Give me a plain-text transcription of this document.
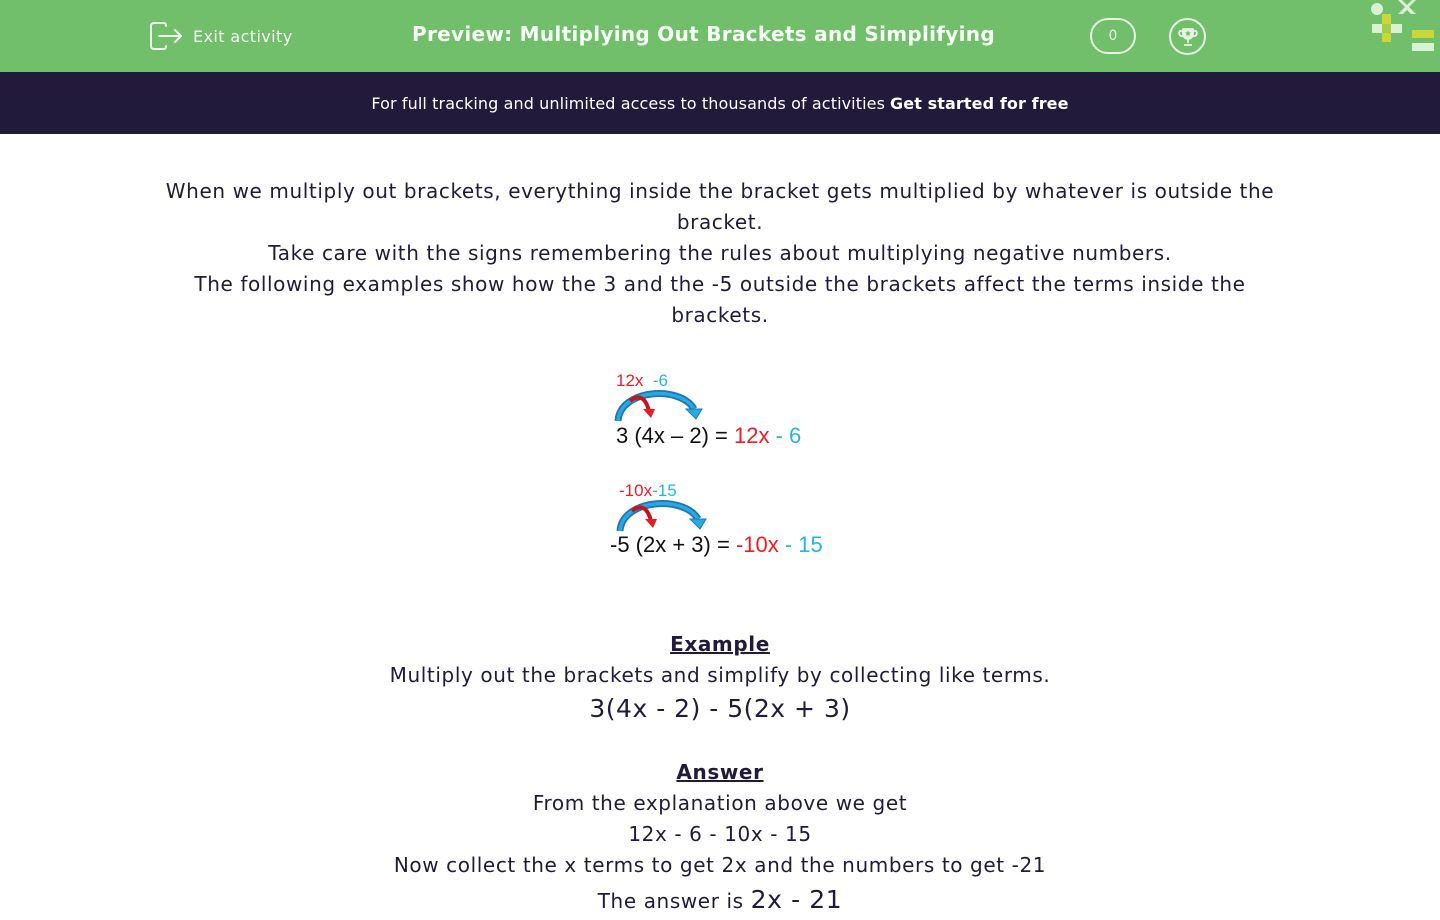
Exit activity	Preview: Multiplying Out Brackets and Simplifying	0
For full tracking and unlimited access to thousands of activities Get started for free

When we multiply out brackets, everything inside the bracket gets multiplied by whatever is outside the bracket.

Take care with the signs remembering the rules about multiplying negative numbers.

The following examples show how the 3 and the -5 outside the brackets affect the terms inside the brackets.

12x -6
3 (4x – 2) = 12x - 6
-10x-15
-5 (2x + 3) = -10x - 15

Example

Multiply out the brackets and simplify by collecting like terms.

3(4x - 2) - 5(2x + 3)

Answer

From the explanation above we get

12x - 6 - 10x - 15

Now collect the x terms to get 2x and the numbers to get -21

The answer is 2x - 21
